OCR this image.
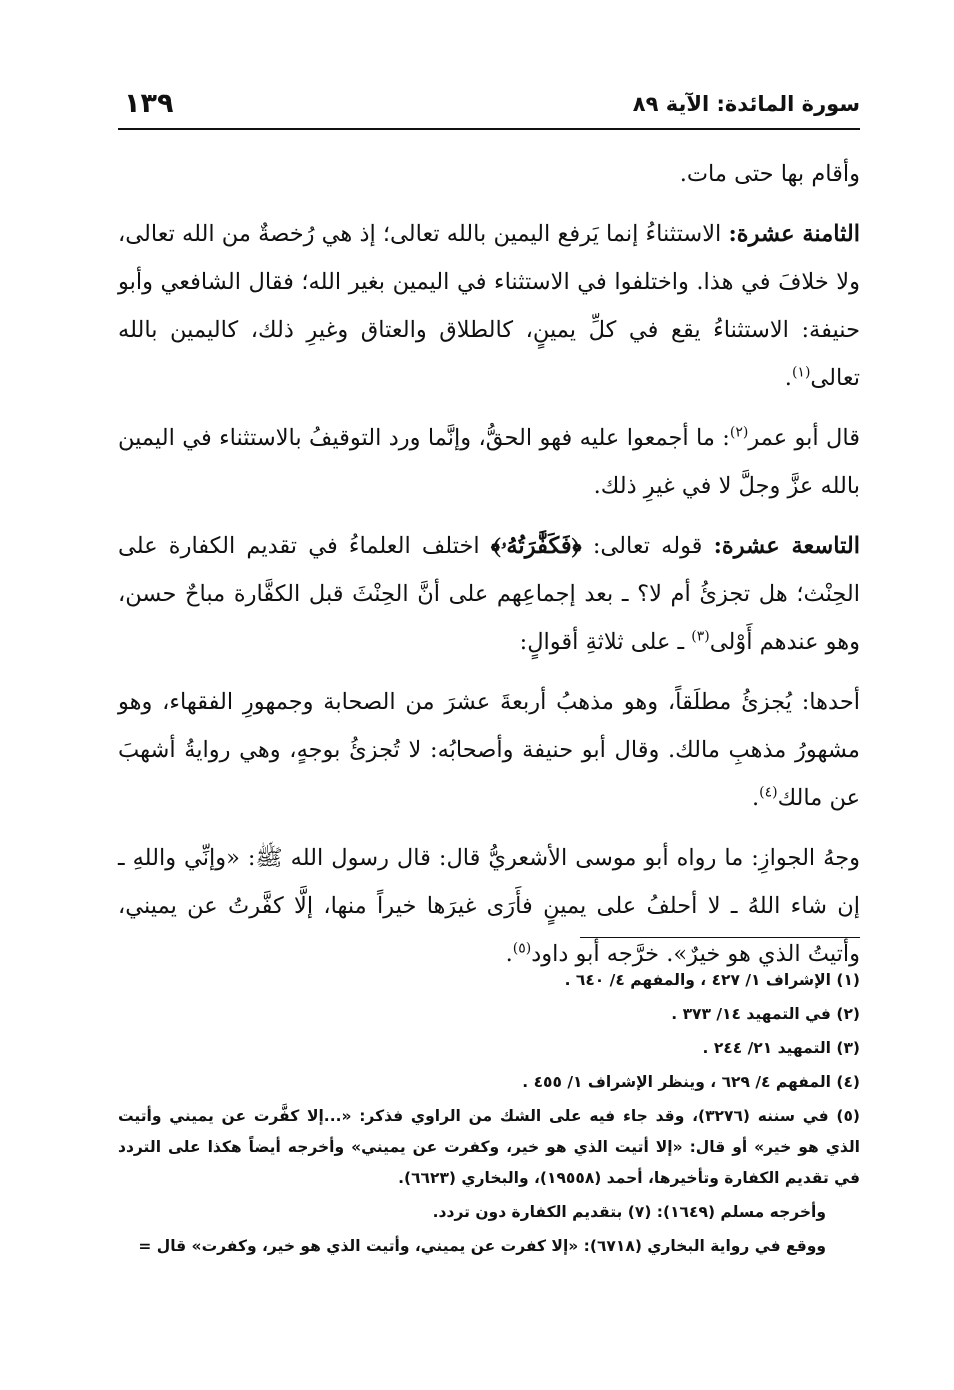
سورة المائدة: الآية ٨٩
١٣٩

وأقام بها حتى مات.

الثامنة عشرة: الاستثناءُ إنما يَرفع اليمين بالله تعالى؛ إذ هي رُخصةٌ من الله تعالى، ولا خلافَ في هذا. واختلفوا في الاستثناء في اليمين بغير الله؛ فقال الشافعي وأبو حنيفة: الاستثناءُ يقع في كلِّ يمينٍ، كالطلاق والعتاق وغيرِ ذلك، كاليمين بالله تعالى$^{(١)}$.

قال أبو عمر$^{(٢)}$: ما أجمعوا عليه فهو الحقُّ، وإنَّما ورد التوقيفُ بالاستثناء في اليمين بالله عزَّ وجلَّ لا في غيرِ ذلك.

التاسعة عشرة: قوله تعالى: ﴿فَكَفَّٰرَتُهُۥ﴾ اختلف العلماءُ في تقديم الكفارة على الحِنْث؛ هل تجزئُ أم لا؟ ـ بعد إجماعِهم على أنَّ الحِنْثَ قبل الكفَّارة مباحٌ حسن، وهو عندهم أَوْلى$^{(٣)}$ ـ على ثلاثةِ أقوالٍ:

أحدها: يُجزئُ مطلَقاً، وهو مذهبُ أربعةَ عشرَ من الصحابة وجمهورِ الفقهاء، وهو مشهورُ مذهبِ مالك. وقال أبو حنيفة وأصحابُه: لا تُجزئُ بوجهٍ، وهي روايةُ أشهبَ عن مالك$^{(٤)}$.

وجهُ الجوازِ: ما رواه أبو موسى الأشعريُّ قال: قال رسول الله ﷺ: «وإنِّي واللهِ ـ إن شاء اللهُ ـ لا أحلفُ على يمينٍ فأَرَى غيرَها خيراً منها، إلَّا كفَّرتُ عن يميني، وأتيتُ الذي هو خيرٌ». خرَّجه أبو داود$^{(٥)}$.

(١) الإشراف ١/ ٤٢٧ ، والمفهم ٤/ ٦٤٠ .

(٢) في التمهيد ١٤/ ٣٧٣ .

(٣) التمهيد ٢١/ ٢٤٤ .

(٤) المفهم ٤/ ٦٢٩ ، وينظر الإشراف ١/ ٤٥٥ .

(٥) في سننه (٣٢٧٦)، وقد جاء فيه على الشك من الراوي فذكر: «...إلا كفَّرت عن يميني وأتيت الذي هو خير» أو قال: «إلا أتيت الذي هو خير، وكفرت عن يميني» وأخرجه أيضاً هكذا على التردد في تقديم الكفارة وتأخيرها، أحمد (١٩٥٥٨)، والبخاري (٦٦٢٣).

وأخرجه مسلم (١٦٤٩): (٧) بتقديم الكفارة دون تردد.

ووقع في رواية البخاري (٦٧١٨): «إلا كفرت عن يميني، وأتيت الذي هو خير، وكفرت» قال =
